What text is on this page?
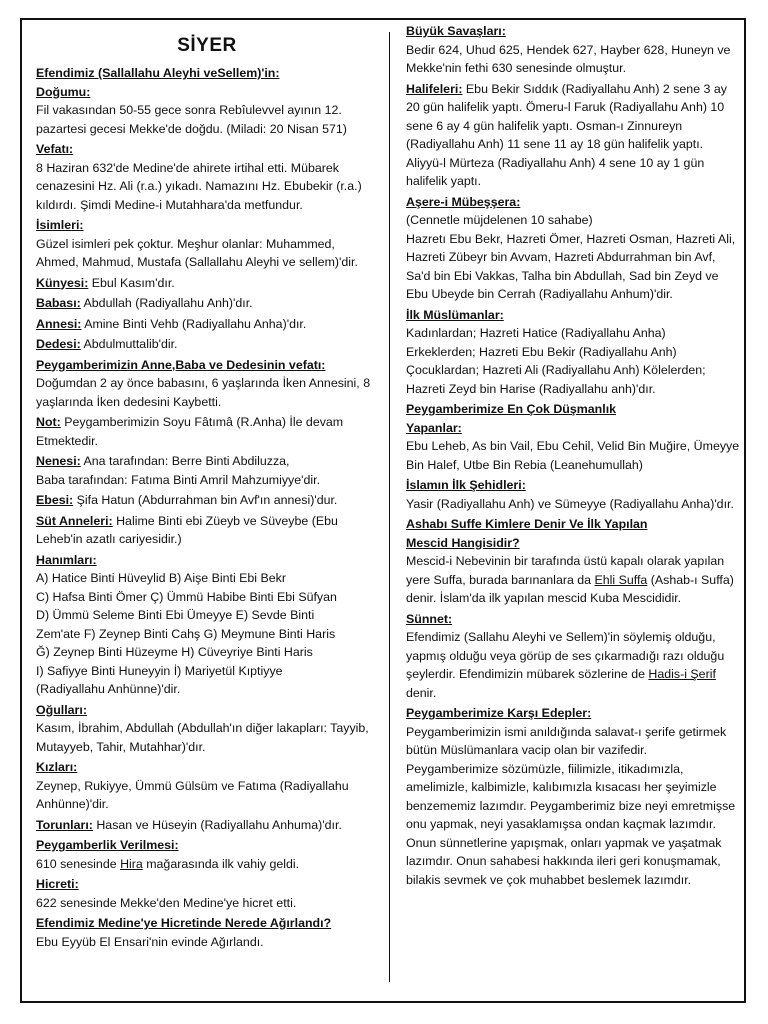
SİYER

Efendimiz (Sallallahu Aleyhi veSellem)'in:

Doğumu:

Fil vakasından 50-55 gece sonra Rebîulevvel ayının 12. pazartesi gecesi Mekke'de doğdu. (Miladi: 20 Nisan 571)

Vefatı:

8 Haziran 632'de Medine'de ahirete irtihal etti. Mübarek cenazesini Hz. Ali (r.a.) yıkadı. Namazını Hz. Ebubekir (r.a.) kıldırdı. Şimdi Medine-i Mutahhara'da metfundur.

İsimleri:

Güzel isimleri pek çoktur. Meşhur olanlar: Muhammed, Ahmed, Mahmud, Mustafa (Sallallahu Aleyhi ve sellem)'dir.

Künyesi: Ebul Kasım'dır.

Babası: Abdullah (Radiyallahu Anh)'dır.

Annesi: Amine Binti Vehb (Radiyallahu Anha)'dır.

Dedesi: Abdulmuttalib'dir.

Peygamberimizin Anne,Baba ve Dedesinin vefatı:

Doğumdan 2 ay önce babasını, 6 yaşlarında İken Annesini, 8 yaşlarında İken dedesini Kaybetti.

Not: Peygamberimizin Soyu Fâtımâ (R.Anha) İle devam Etmektedir.

Nenesi: Ana tarafından: Berre Binti Abdiluzza,

Baba tarafından: Fatıma Binti Amril Mahzumiyye'dir.

Ebesi: Şifa Hatun (Abdurrahman bin Avf'ın annesi)'dur.

Süt Anneleri: Halime Binti ebi Züeyb ve Süveybe (Ebu Leheb'in azatlı cariyesidir.)

Hanımları:

A) Hatice Binti Hüveylid B) Aişe Binti Ebi Bekr

C) Hafsa Binti Ömer Ç) Ümmü Habibe Binti Ebi Süfyan

D) Ümmü Seleme Binti Ebi Ümeyye E) Sevde Binti

Zem'ate F) Zeynep Binti Cahş G) Meymune Binti Haris

Ğ) Zeynep Binti Hüzeyme H) Cüveyriye Binti Haris

I) Safiyye Binti Huneyyin İ) Mariyetül Kıptiyye

(Radiyallahu Anhünne)'dir.

Oğulları:

Kasım, İbrahim, Abdullah (Abdullah'ın diğer lakapları: Tayyib, Mutayyeb, Tahir, Mutahhar)'dır.

Kızları:

Zeynep, Rukiyye, Ümmü Gülsüm ve Fatıma (Radiyallahu Anhünne)'dir.

Torunları: Hasan ve Hüseyin (Radiyallahu Anhuma)'dır.

Peygamberlik Verilmesi:

610 senesinde Hira mağarasında ilk vahiy geldi.

Hicreti:

622 senesinde Mekke'den Medine'ye hicret etti.

Efendimiz Medine'ye Hicretinde Nerede Ağırlandı?

Ebu Eyyüb El Ensari'nin evinde Ağırlandı.

Büyük Savaşları:

Bedir 624, Uhud 625, Hendek 627, Hayber 628, Huneyn ve Mekke'nin fethi 630 senesinde olmuştur.

Halifeleri: Ebu Bekir Sıddık (Radiyallahu Anh) 2 sene 3 ay 20 gün halifelik yaptı. Ömeru-l Faruk (Radiyallahu Anh) 10 sene 6 ay 4 gün halifelik yaptı. Osman-ı Zinnureyn (Radiyallahu Anh) 11 sene 11 ay 18 gün halifelik yaptı. Aliyyü-l Mürteza (Radiyallahu Anh) 4 sene 10 ay 1 gün halifelik yaptı.

Aşere-i Mübeşşera:

(Cennetle müjdelenen 10 sahabe)

Hazretı Ebu Bekr, Hazreti Ömer, Hazreti Osman, Hazreti Ali, Hazreti Zübeyr bin Avvam, Hazreti Abdurrahman bin Avf, Sa'd bin Ebi Vakkas, Talha bin Abdullah, Sad bin Zeyd ve Ebu Ubeyde bin Cerrah (Radiyallahu Anhum)'dir.

İlk Müslümanlar:

Kadınlardan; Hazreti Hatice (Radiyallahu Anha)

Erkeklerden; Hazreti Ebu Bekir (Radiyallahu Anh)

Çocuklardan; Hazreti Ali (Radiyallahu Anh) Kölelerden;

Hazreti Zeyd bin Harise (Radiyallahu anh)'dır.

Peygamberimize En Çok Düşmanlık

Yapanlar:

Ebu Leheb, As bin Vail, Ebu Cehil, Velid Bin Muğire, Ümeyye Bin Halef, Utbe Bin Rebia (Leanehumullah)

İslamın İlk Şehidleri:

Yasir (Radiyallahu Anh) ve Sümeyye (Radiyallahu Anha)'dır.

Ashabı Suffe Kimlere Denir Ve İlk Yapılan

Mescid Hangisidir?

Mescid-i Nebevinin bir tarafında üstü kapalı olarak yapılan yere Suffa, burada barınanlara da Ehli Suffa (Ashab-ı Suffa) denir. İslam'da ilk yapılan mescid Kuba Mescididir.

Sünnet:

Efendimiz (Sallahu Aleyhi ve Sellem)'in söylemiş olduğu, yapmış olduğu veya görüp de ses çıkarmadığı razı olduğu şeylerdir. Efendimizin mübarek sözlerine de Hadis-i Şerif denir.

Peygamberimize Karşı Edepler:

Peygamberimizin ismi anıldığında salavat-ı şerife getirmek bütün Müslümanlara vacip olan bir vazifedir. Peygamberimize sözümüzle, fiilimizle, itikadımızla, amelimizle, kalbimizle, kalıbımızla kısacası her şeyimizle benzememiz lazımdır. Peygamberimiz bize neyi emretmişse onu yapmak, neyi yasaklamışsa ondan kaçmak lazımdır. Onun sünnetlerine yapışmak, onları yapmak ve yaşatmak lazımdır. Onun sahabesi hakkında ileri geri konuşmamak, bilakis sevmek ve çok muhabbet beslemek lazımdır.
